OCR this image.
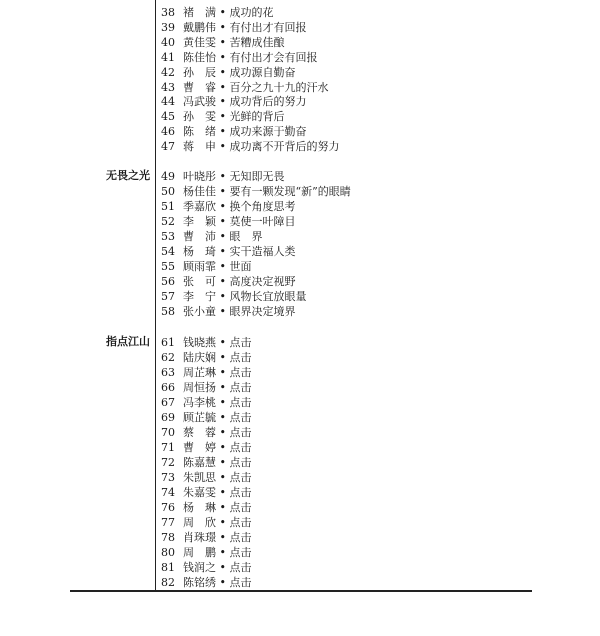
无畏之光
指点江山
38 褚　满 • 成功的花
39 戴鹏伟 • 有付出才有回报
40 黄佳雯 • 苦糟成佳酿
41 陈佳怡 • 有付出才会有回报
42 孙　辰 • 成功源自勤奋
43 曹　睿 • 百分之九十九的汗水
44 冯武骏 • 成功背后的努力
45 孙　雯 • 光鲜的背后
46 陈　绪 • 成功来源于勤奋
47 蒋　申 • 成功离不开背后的努力
49 叶晓彤 • 无知即无畏
50 杨佳佳 • 要有一颗发现“新”的眼睛
51 季嘉欣 • 换个角度思考
52 李　颖 • 莫使一叶障目
53 曹　沛 • 眼　界
54 杨　琦 • 实干造福人类
55 顾雨霏 • 世面
56 张　可 • 高度决定视野
57 李　宁 • 风物长宜放眼量
58 张小童 • 眼界决定境界
61 钱晓燕 • 点击
62 陆庆娴 • 点击
63 周芷琳 • 点击
66 周恒扬 • 点击
67 冯李桃 • 点击
69 顾芷毓 • 点击
70 蔡　蓉 • 点击
71 曹　婷 • 点击
72 陈嘉慧 • 点击
73 朱凯思 • 点击
74 朱嘉雯 • 点击
76 杨　琳 • 点击
77 周　欣 • 点击
78 肖珠璟 • 点击
80 周　鹏 • 点击
81 钱润之 • 点击
82 陈铭绣 • 点击
